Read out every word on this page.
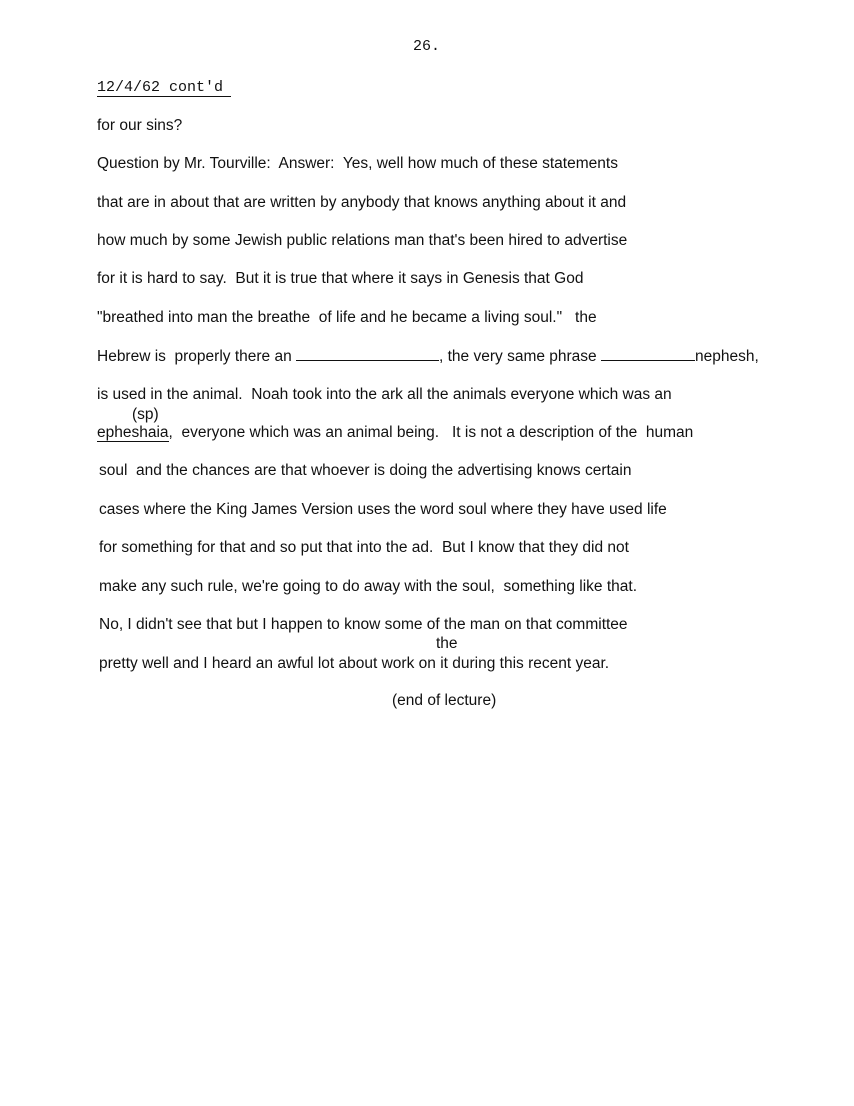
26.
12/4/62 cont'd
for our sins?
Question by Mr. Tourville:  Answer:  Yes, well how much of these statements
that are in about that are written by anybody that knows anything about it and
how much by some Jewish public relations man that's been hired to advertise
for it is hard to say.  But it is true that where it says in Genesis that God
"breathed into man the breathe  of life and he became a living soul."   the
Hebrew is  properly there an	, the very same phrase	nephesh,
is used in the animal.  Noah took into the ark all the animals everyone which was an
(sp)
epheshaia,  everyone which was an animal being.   It is not a description of the  human
soul  and the chances are that whoever is doing the advertising knows certain
cases where the King James Version uses the word soul where they have used life
for something for that and so put that into the ad.  But I know that they did not
make any such rule, we're going to do away with the soul,  something like that.
No, I didn't see that but I happen to know some of the man on that committee
the
pretty well and I heard an awful lot about work on it during this recent year.
(end of lecture)
